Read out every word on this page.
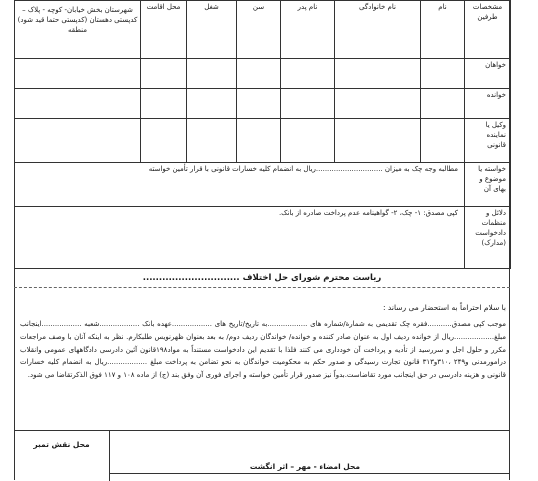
مشخصات طرفین	نام	نام خانوادگی	نام پدر	سن	شغل	محل اقامت	شهرستان بخش خیابان- کوچه - پلاک – کدپستی دهستان (کدپستی حتما قید شود) منطقه
خواهان							
خوانده							
وکیل یا نماینده قانونی							
خواسته یا موضوع و بهای آن	مطالبه وجه چک به میزان ..............................ریال به انضمام کلیه خسارات قانونی با قرار تأمین خواسته						
دلائل و منظمات دادخواست (مدارک)	کپی مصدق: ۱- چک، ۲- گواهینامه عدم پرداخت صادره از بانک.						
ریاست محترم شورای حل اختلاف ..............................
با سلام احتراماً به استحضار می رساند :
موجب کپی مصدق...........فقره چک تقدیمی به شمارة/شماره های ..................به تاریخ/تاریخ های ..................عهده بانک ..................شعبه ..................اینجانب مبلغ..................ریال از خوانده ردیف اول به عنوان صادر کننده و خوانده/ خواندگان ردیف دوم/ به بعد بعنوان ظهرنویس طلبکارم. نظر به اینکه آنان با وصف مراجعات مکرر و حلول اجل و سررسید از تأدیه و پرداخت آن خودداری می کنند فلذا با تقدیم این دادخواست مستنداً به مواد۱۹۸قانون آئین دادرسی دادگاههای عمومی وانقلاب درامورمدنی و۲۴۹ ،۳۱۰و۳۱۳ قانون تجارت رسیدگی و صدور حکم به محکومیت خواندگان به نحو تضامن به پرداخت مبلغ ..................ریال به انضمام کلیه خسارات قانونی و هزینه دادرسی در حق اینجانب مورد تقاضاست.بدواً نیز صدور قرار تأمین خواسته و اجرای فوری آن وفق بند (ج) از ماده ۱۰۸ و ۱۱۷ فوق الذکرتقاضا می شود.
محل نقش تمبر
محل امضاء - مهر – اثر انگشت
